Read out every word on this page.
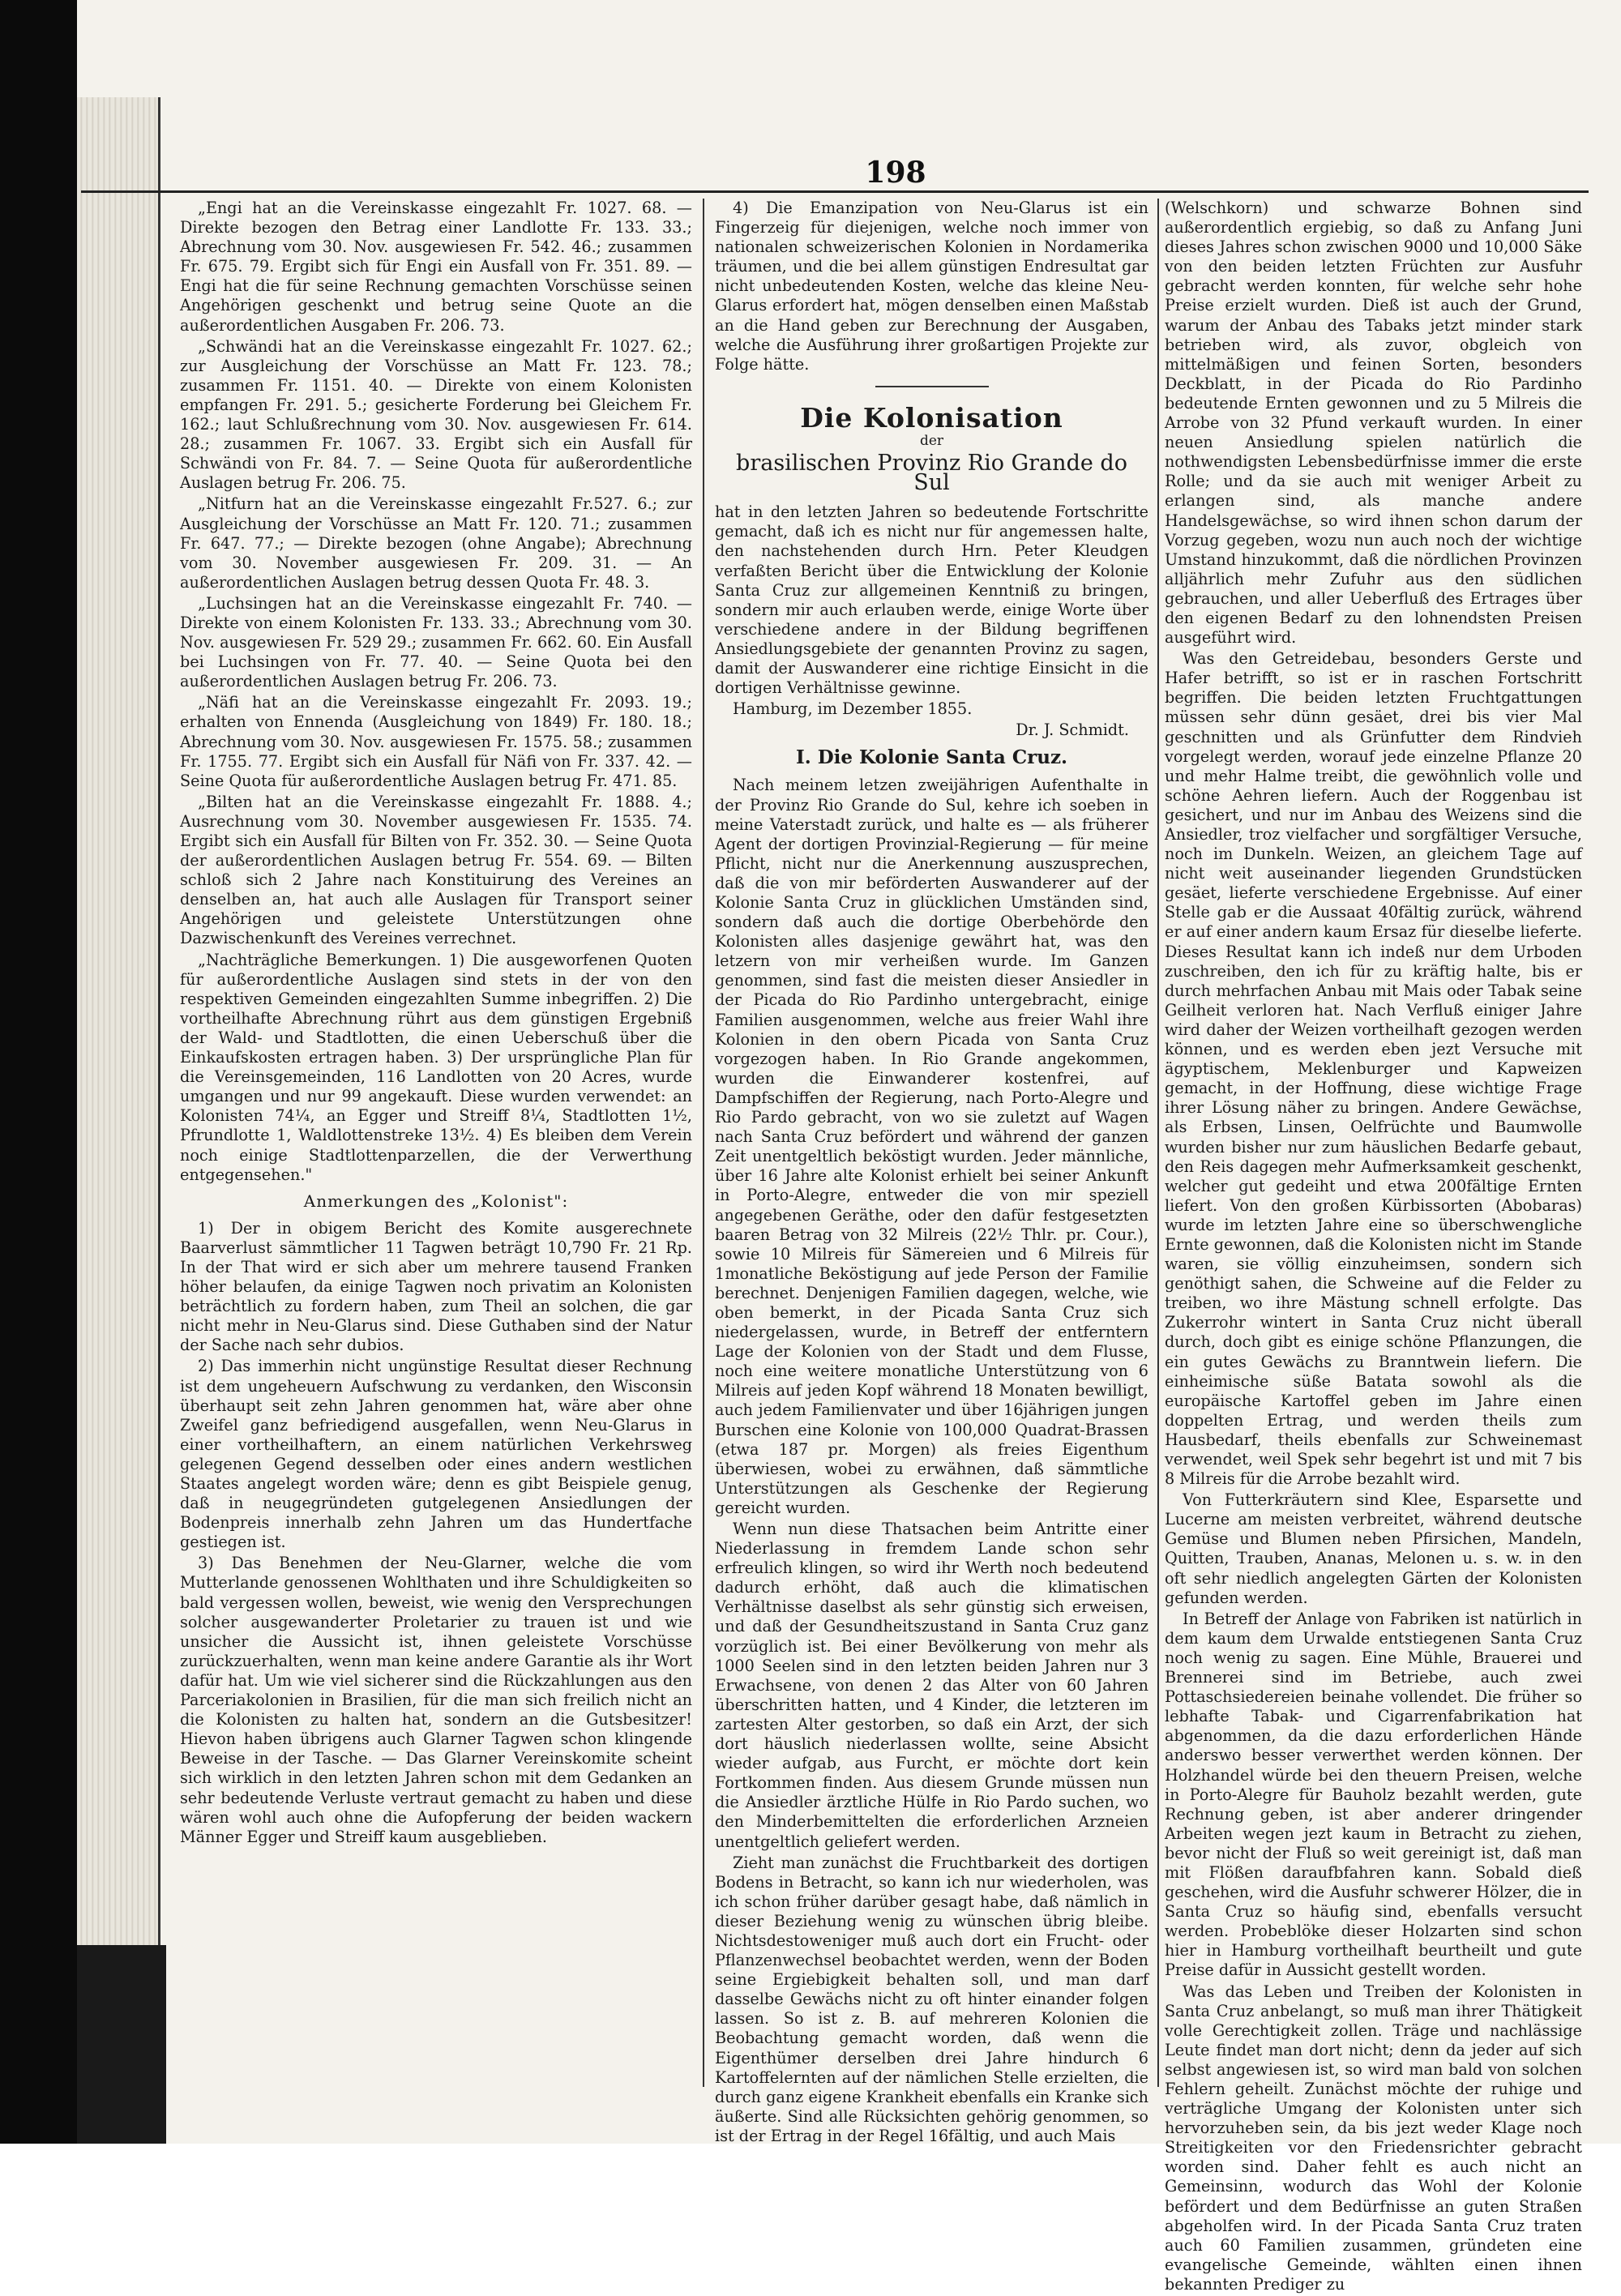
198

„Engi hat an die Vereinskasse eingezahlt Fr. 1027. 68. — Direkte bezogen den Betrag einer Landlotte Fr. 133. 33.; Abrechnung vom 30. Nov. ausgewiesen Fr. 542. 46.; zusammen Fr. 675. 79. Ergibt sich für Engi ein Ausfall von Fr. 351. 89. — Engi hat die für seine Rechnung gemachten Vorschüsse seinen Angehörigen geschenkt und betrug seine Quote an die außerordentlichen Ausgaben Fr. 206. 73.

„Schwändi hat an die Vereinskasse eingezahlt Fr. 1027. 62.; zur Ausgleichung der Vorschüsse an Matt Fr. 123. 78.; zusammen Fr. 1151. 40. — Direkte von einem Kolonisten empfangen Fr. 291. 5.; gesicherte Forderung bei Gleichem Fr. 162.; laut Schlußrechnung vom 30. Nov. ausgewiesen Fr. 614. 28.; zusammen Fr. 1067. 33. Ergibt sich ein Ausfall für Schwändi von Fr. 84. 7. — Seine Quota für außerordentliche Auslagen betrug Fr. 206. 75.

„Nitfurn hat an die Vereinskasse eingezahlt Fr.527. 6.; zur Ausgleichung der Vorschüsse an Matt Fr. 120. 71.; zusammen Fr. 647. 77.; — Direkte bezogen (ohne Angabe); Abrechnung vom 30. November ausgewiesen Fr. 209. 31. — An außerordentlichen Auslagen betrug dessen Quota Fr. 48. 3.

„Luchsingen hat an die Vereinskasse eingezahlt Fr. 740. — Direkte von einem Kolonisten Fr. 133. 33.; Abrechnung vom 30. Nov. ausgewiesen Fr. 529 29.; zusammen Fr. 662. 60. Ein Ausfall bei Luchsingen von Fr. 77. 40. — Seine Quota bei den außerordentlichen Auslagen betrug Fr. 206. 73.

„Näfi hat an die Vereinskasse eingezahlt Fr. 2093. 19.; erhalten von Ennenda (Ausgleichung von 1849) Fr. 180. 18.; Abrechnung vom 30. Nov. ausgewiesen Fr. 1575. 58.; zusammen Fr. 1755. 77. Ergibt sich ein Ausfall für Näfi von Fr. 337. 42. — Seine Quota für außerordentliche Auslagen betrug Fr. 471. 85.

„Bilten hat an die Vereinskasse eingezahlt Fr. 1888. 4.; Ausrechnung vom 30. November ausgewiesen Fr. 1535. 74. Ergibt sich ein Ausfall für Bilten von Fr. 352. 30. — Seine Quota der außerordentlichen Auslagen betrug Fr. 554. 69. — Bilten schloß sich 2 Jahre nach Konstituirung des Vereines an denselben an, hat auch alle Auslagen für Transport seiner Angehörigen und geleistete Unterstützungen ohne Dazwischenkunft des Vereines verrechnet.

„Nachträgliche Bemerkungen. 1) Die ausgeworfenen Quoten für außerordentliche Auslagen sind stets in der von den respektiven Gemeinden eingezahlten Summe inbegriffen. 2) Die vortheilhafte Abrechnung rührt aus dem günstigen Ergebniß der Wald- und Stadtlotten, die einen Ueberschuß über die Einkaufskosten ertragen haben. 3) Der ursprüngliche Plan für die Vereinsgemeinden, 116 Landlotten von 20 Acres, wurde umgangen und nur 99 angekauft. Diese wurden verwendet: an Kolonisten 74¼, an Egger und Streiff 8¼, Stadtlotten 1½, Pfrundlotte 1, Waldlottenstreke 13½. 4) Es bleiben dem Verein noch einige Stadtlottenparzellen, die der Verwerthung entgegensehen."

Anmerkungen des „Kolonist":

1) Der in obigem Bericht des Komite ausgerechnete Baarverlust sämmtlicher 11 Tagwen beträgt 10,790 Fr. 21 Rp. In der That wird er sich aber um mehrere tausend Franken höher belaufen, da einige Tagwen noch privatim an Kolonisten beträchtlich zu fordern haben, zum Theil an solchen, die gar nicht mehr in Neu-Glarus sind. Diese Guthaben sind der Natur der Sache nach sehr dubios.

2) Das immerhin nicht ungünstige Resultat dieser Rechnung ist dem ungeheuern Aufschwung zu verdanken, den Wisconsin überhaupt seit zehn Jahren genommen hat, wäre aber ohne Zweifel ganz befriedigend ausgefallen, wenn Neu-Glarus in einer vortheilhaftern, an einem natürlichen Verkehrsweg gelegenen Gegend desselben oder eines andern westlichen Staates angelegt worden wäre; denn es gibt Beispiele genug, daß in neugegründeten gutgelegenen Ansiedlungen der Bodenpreis innerhalb zehn Jahren um das Hundertfache gestiegen ist.

3) Das Benehmen der Neu-Glarner, welche die vom Mutterlande genossenen Wohlthaten und ihre Schuldigkeiten so bald vergessen wollen, beweist, wie wenig den Versprechungen solcher ausgewanderter Proletarier zu trauen ist und wie unsicher die Aussicht ist, ihnen geleistete Vorschüsse zurückzuerhalten, wenn man keine andere Garantie als ihr Wort dafür hat. Um wie viel sicherer sind die Rückzahlungen aus den Parceriakolonien in Brasilien, für die man sich freilich nicht an die Kolonisten zu halten hat, sondern an die Gutsbesitzer! Hievon haben übrigens auch Glarner Tagwen schon klingende Beweise in der Tasche. — Das Glarner Vereinskomite scheint sich wirklich in den letzten Jahren schon mit dem Gedanken an sehr bedeutende Verluste vertraut gemacht zu haben und diese wären wohl auch ohne die Aufopferung der beiden wackern Männer Egger und Streiff kaum ausgeblieben.

4) Die Emanzipation von Neu-Glarus ist ein Fingerzeig für diejenigen, welche noch immer von nationalen schweizerischen Kolonien in Nordamerika träumen, und die bei allem günstigen Endresultat gar nicht unbedeutenden Kosten, welche das kleine Neu-Glarus erfordert hat, mögen denselben einen Maßstab an die Hand geben zur Berechnung der Ausgaben, welche die Ausführung ihrer großartigen Projekte zur Folge hätte.

Die Kolonisation
der
brasilischen Provinz Rio Grande do Sul

hat in den letzten Jahren so bedeutende Fortschritte gemacht, daß ich es nicht nur für angemessen halte, den nachstehenden durch Hrn. Peter Kleudgen verfaßten Bericht über die Entwicklung der Kolonie Santa Cruz zur allgemeinen Kenntniß zu bringen, sondern mir auch erlauben werde, einige Worte über verschiedene andere in der Bildung begriffenen Ansiedlungsgebiete der genannten Provinz zu sagen, damit der Auswanderer eine richtige Einsicht in die dortigen Verhältnisse gewinne.

Hamburg, im Dezember 1855.

Dr. J. Schmidt.
I. Die Kolonie Santa Cruz.

Nach meinem letzen zweijährigen Aufenthalte in der Provinz Rio Grande do Sul, kehre ich soeben in meine Vaterstadt zurück, und halte es — als früherer Agent der dortigen Provinzial-Regierung — für meine Pflicht, nicht nur die Anerkennung auszusprechen, daß die von mir beförderten Auswanderer auf der Kolonie Santa Cruz in glücklichen Umständen sind, sondern daß auch die dortige Oberbehörde den Kolonisten alles dasjenige gewährt hat, was den letzern von mir verheißen wurde. Im Ganzen genommen, sind fast die meisten dieser Ansiedler in der Picada do Rio Pardinho untergebracht, einige Familien ausgenommen, welche aus freier Wahl ihre Kolonien in den obern Picada von Santa Cruz vorgezogen haben. In Rio Grande angekommen, wurden die Einwanderer kostenfrei, auf Dampfschiffen der Regierung, nach Porto-Alegre und Rio Pardo gebracht, von wo sie zuletzt auf Wagen nach Santa Cruz befördert und während der ganzen Zeit unentgeltlich beköstigt wurden. Jeder männliche, über 16 Jahre alte Kolonist erhielt bei seiner Ankunft in Porto-Alegre, entweder die von mir speziell angegebenen Geräthe, oder den dafür festgesetzten baaren Betrag von 32 Milreis (22½ Thlr. pr. Cour.), sowie 10 Milreis für Sämereien und 6 Milreis für 1monatliche Beköstigung auf jede Person der Familie berechnet. Denjenigen Familien dagegen, welche, wie oben bemerkt, in der Picada Santa Cruz sich niedergelassen, wurde, in Betreff der entferntern Lage der Kolonien von der Stadt und dem Flusse, noch eine weitere monatliche Unterstützung von 6 Milreis auf jeden Kopf während 18 Monaten bewilligt, auch jedem Familienvater und über 16jährigen jungen Burschen eine Kolonie von 100,000 Quadrat-Brassen (etwa 187 pr. Morgen) als freies Eigenthum überwiesen, wobei zu erwähnen, daß sämmtliche Unterstützungen als Geschenke der Regierung gereicht wurden.

Wenn nun diese Thatsachen beim Antritte einer Niederlassung in fremdem Lande schon sehr erfreulich klingen, so wird ihr Werth noch bedeutend dadurch erhöht, daß auch die klimatischen Verhältnisse daselbst als sehr günstig sich erweisen, und daß der Gesundheitszustand in Santa Cruz ganz vorzüglich ist. Bei einer Bevölkerung von mehr als 1000 Seelen sind in den letzten beiden Jahren nur 3 Erwachsene, von denen 2 das Alter von 60 Jahren überschritten hatten, und 4 Kinder, die letzteren im zartesten Alter gestorben, so daß ein Arzt, der sich dort häuslich niederlassen wollte, seine Absicht wieder aufgab, aus Furcht, er möchte dort kein Fortkommen finden. Aus diesem Grunde müssen nun die Ansiedler ärztliche Hülfe in Rio Pardo suchen, wo den Minderbemittelten die erforderlichen Arzneien unentgeltlich geliefert werden.

Zieht man zunächst die Fruchtbarkeit des dortigen Bodens in Betracht, so kann ich nur wiederholen, was ich schon früher darüber gesagt habe, daß nämlich in dieser Beziehung wenig zu wünschen übrig bleibe. Nichtsdestoweniger muß auch dort ein Frucht- oder Pflanzenwechsel beobachtet werden, wenn der Boden seine Ergiebigkeit behalten soll, und man darf dasselbe Gewächs nicht zu oft hinter einander folgen lassen. So ist z. B. auf mehreren Kolonien die Beobachtung gemacht worden, daß wenn die Eigenthümer derselben drei Jahre hindurch 6 Kartoffelernten auf der nämlichen Stelle erzielten, die durch ganz eigene Krankheit ebenfalls ein Kranke sich äußerte. Sind alle Rücksichten gehörig genommen, so ist der Ertrag in der Regel 16fältig, und auch Mais

(Welschkorn) und schwarze Bohnen sind außerordentlich ergiebig, so daß zu Anfang Juni dieses Jahres schon zwischen 9000 und 10,000 Säke von den beiden letzten Früchten zur Ausfuhr gebracht werden konnten, für welche sehr hohe Preise erzielt wurden. Dieß ist auch der Grund, warum der Anbau des Tabaks jetzt minder stark betrieben wird, als zuvor, obgleich von mittelmäßigen und feinen Sorten, besonders Deckblatt, in der Picada do Rio Pardinho bedeutende Ernten gewonnen und zu 5 Milreis die Arrobe von 32 Pfund verkauft wurden. In einer neuen Ansiedlung spielen natürlich die nothwendigsten Lebensbedürfnisse immer die erste Rolle; und da sie auch mit weniger Arbeit zu erlangen sind, als manche andere Handelsgewächse, so wird ihnen schon darum der Vorzug gegeben, wozu nun auch noch der wichtige Umstand hinzukommt, daß die nördlichen Provinzen alljährlich mehr Zufuhr aus den südlichen gebrauchen, und aller Ueberfluß des Ertrages über den eigenen Bedarf zu den lohnendsten Preisen ausgeführt wird.

Was den Getreidebau, besonders Gerste und Hafer betrifft, so ist er in raschen Fortschritt begriffen. Die beiden letzten Fruchtgattungen müssen sehr dünn gesäet, drei bis vier Mal geschnitten und als Grünfutter dem Rindvieh vorgelegt werden, worauf jede einzelne Pflanze 20 und mehr Halme treibt, die gewöhnlich volle und schöne Aehren liefern. Auch der Roggenbau ist gesichert, und nur im Anbau des Weizens sind die Ansiedler, troz vielfacher und sorgfältiger Versuche, noch im Dunkeln. Weizen, an gleichem Tage auf nicht weit auseinander liegenden Grundstücken gesäet, lieferte verschiedene Ergebnisse. Auf einer Stelle gab er die Aussaat 40fältig zurück, während er auf einer andern kaum Ersaz für dieselbe lieferte. Dieses Resultat kann ich indeß nur dem Urboden zuschreiben, den ich für zu kräftig halte, bis er durch mehrfachen Anbau mit Mais oder Tabak seine Geilheit verloren hat. Nach Verfluß einiger Jahre wird daher der Weizen vortheilhaft gezogen werden können, und es werden eben jezt Versuche mit ägyptischem, Meklenburger und Kapweizen gemacht, in der Hoffnung, diese wichtige Frage ihrer Lösung näher zu bringen. Andere Gewächse, als Erbsen, Linsen, Oelfrüchte und Baumwolle wurden bisher nur zum häuslichen Bedarfe gebaut, den Reis dagegen mehr Aufmerksamkeit geschenkt, welcher gut gedeiht und etwa 200fältige Ernten liefert. Von den großen Kürbissorten (Abobaras) wurde im letzten Jahre eine so überschwengliche Ernte gewonnen, daß die Kolonisten nicht im Stande waren, sie völlig einzuheimsen, sondern sich genöthigt sahen, die Schweine auf die Felder zu treiben, wo ihre Mästung schnell erfolgte. Das Zukerrohr wintert in Santa Cruz nicht überall durch, doch gibt es einige schöne Pflanzungen, die ein gutes Gewächs zu Branntwein liefern. Die einheimische süße Batata sowohl als die europäische Kartoffel geben im Jahre einen doppelten Ertrag, und werden theils zum Hausbedarf, theils ebenfalls zur Schweinemast verwendet, weil Spek sehr begehrt ist und mit 7 bis 8 Milreis für die Arrobe bezahlt wird.

Von Futterkräutern sind Klee, Esparsette und Lucerne am meisten verbreitet, während deutsche Gemüse und Blumen neben Pfirsichen, Mandeln, Quitten, Trauben, Ananas, Melonen u. s. w. in den oft sehr niedlich angelegten Gärten der Kolonisten gefunden werden.

In Betreff der Anlage von Fabriken ist natürlich in dem kaum dem Urwalde entstiegenen Santa Cruz noch wenig zu sagen. Eine Mühle, Brauerei und Brennerei sind im Betriebe, auch zwei Pottaschsiedereien beinahe vollendet. Die früher so lebhafte Tabak- und Cigarrenfabrikation hat abgenommen, da die dazu erforderlichen Hände anderswo besser verwerthet werden können. Der Holzhandel würde bei den theuern Preisen, welche in Porto-Alegre für Bauholz bezahlt werden, gute Rechnung geben, ist aber anderer dringender Arbeiten wegen jezt kaum in Betracht zu ziehen, bevor nicht der Fluß so weit gereinigt ist, daß man mit Flößen daraufbfahren kann. Sobald dieß geschehen, wird die Ausfuhr schwerer Hölzer, die in Santa Cruz so häufig sind, ebenfalls versucht werden. Probeblöke dieser Holzarten sind schon hier in Hamburg vortheilhaft beurtheilt und gute Preise dafür in Aussicht gestellt worden.

Was das Leben und Treiben der Kolonisten in Santa Cruz anbelangt, so muß man ihrer Thätigkeit volle Gerechtigkeit zollen. Träge und nachlässige Leute findet man dort nicht; denn da jeder auf sich selbst angewiesen ist, so wird man bald von solchen Fehlern geheilt. Zunächst möchte der ruhige und verträgliche Umgang der Kolonisten unter sich hervorzuheben sein, da bis jezt weder Klage noch Streitigkeiten vor den Friedensrichter gebracht worden sind. Daher fehlt es auch nicht an Gemeinsinn, wodurch das Wohl der Kolonie befördert und dem Bedürfnisse an guten Straßen abgeholfen wird. In der Picada Santa Cruz traten auch 60 Familien zusammen, gründeten eine evangelische Gemeinde, wählten einen ihnen bekannten Prediger zu
